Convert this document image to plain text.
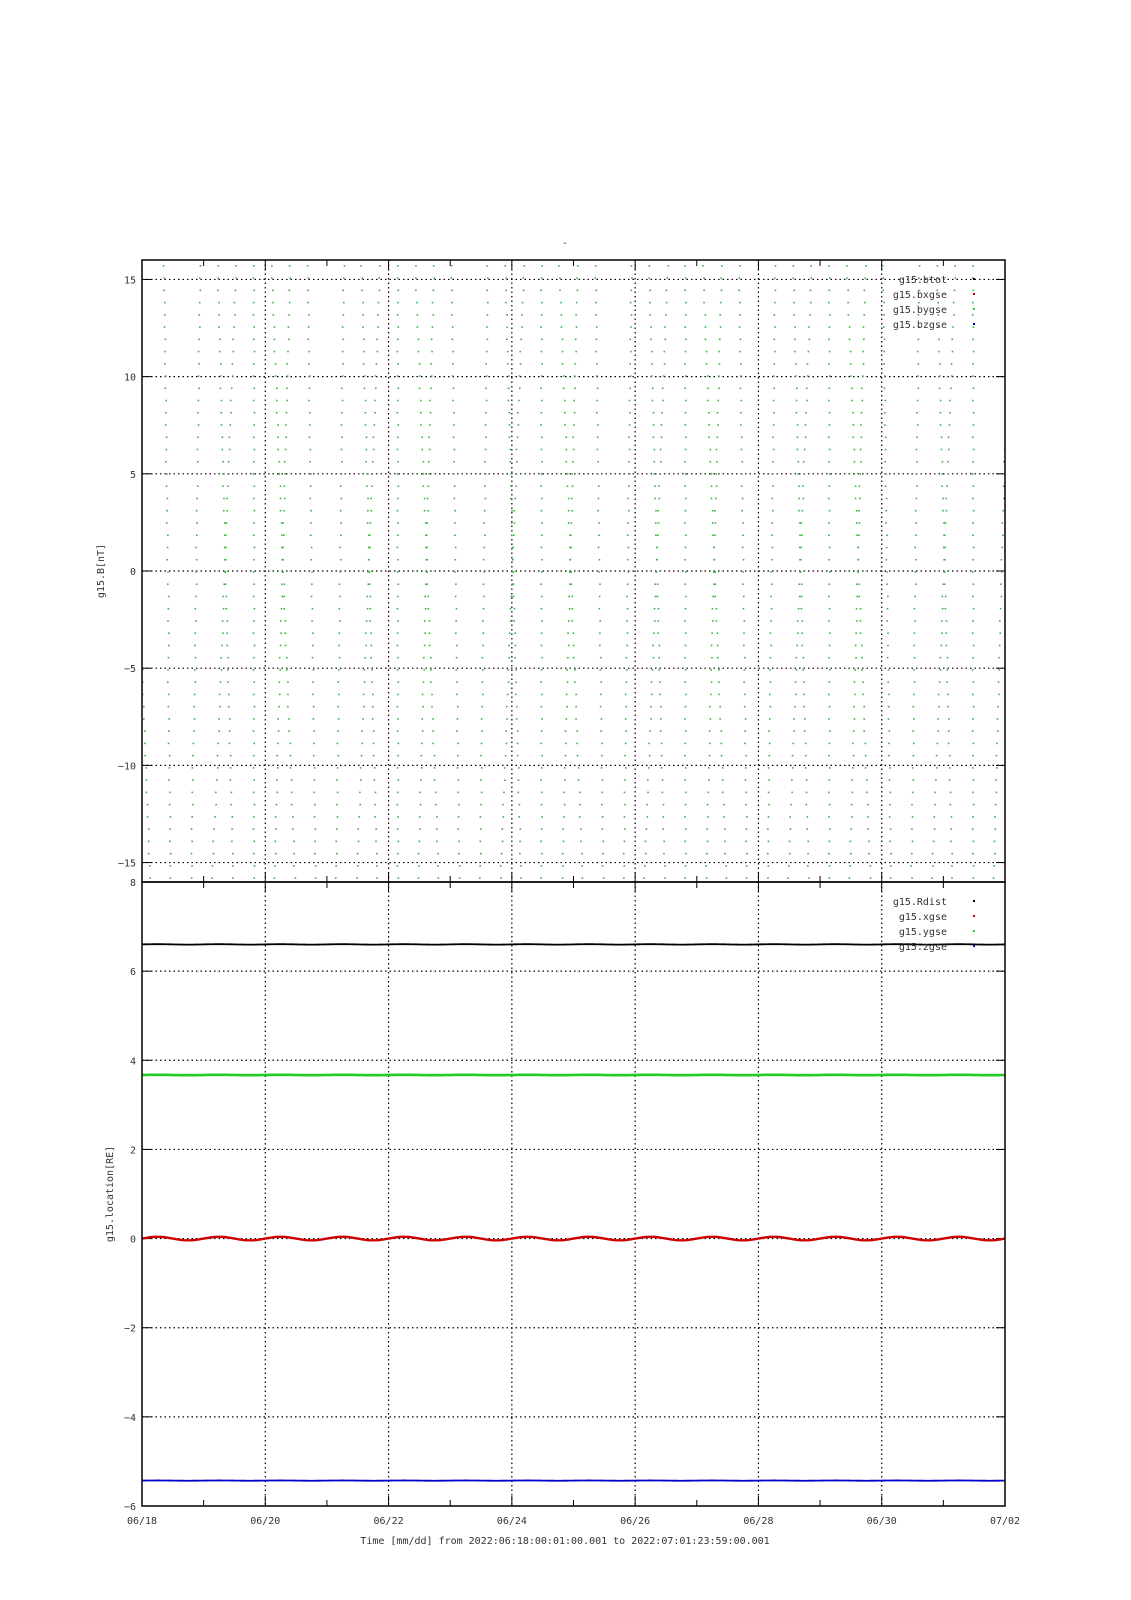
-
15
10
5
0
−5
−10
−15
g15.B[nT]
g15.btot
g15.bxgse
g15.bygse
g15.bzgse
8
6
4
2
0
−2
−4
−6
g15.location[RE]
g15.Rdist
g15.xgse
g15.ygse
g15.zgse
06/18	06/20	06/22	06/24	06/26	06/28	06/30	07/02
Time [mm/dd] from 2022:06:18:00:01:00.001 to 2022:07:01:23:59:00.001
